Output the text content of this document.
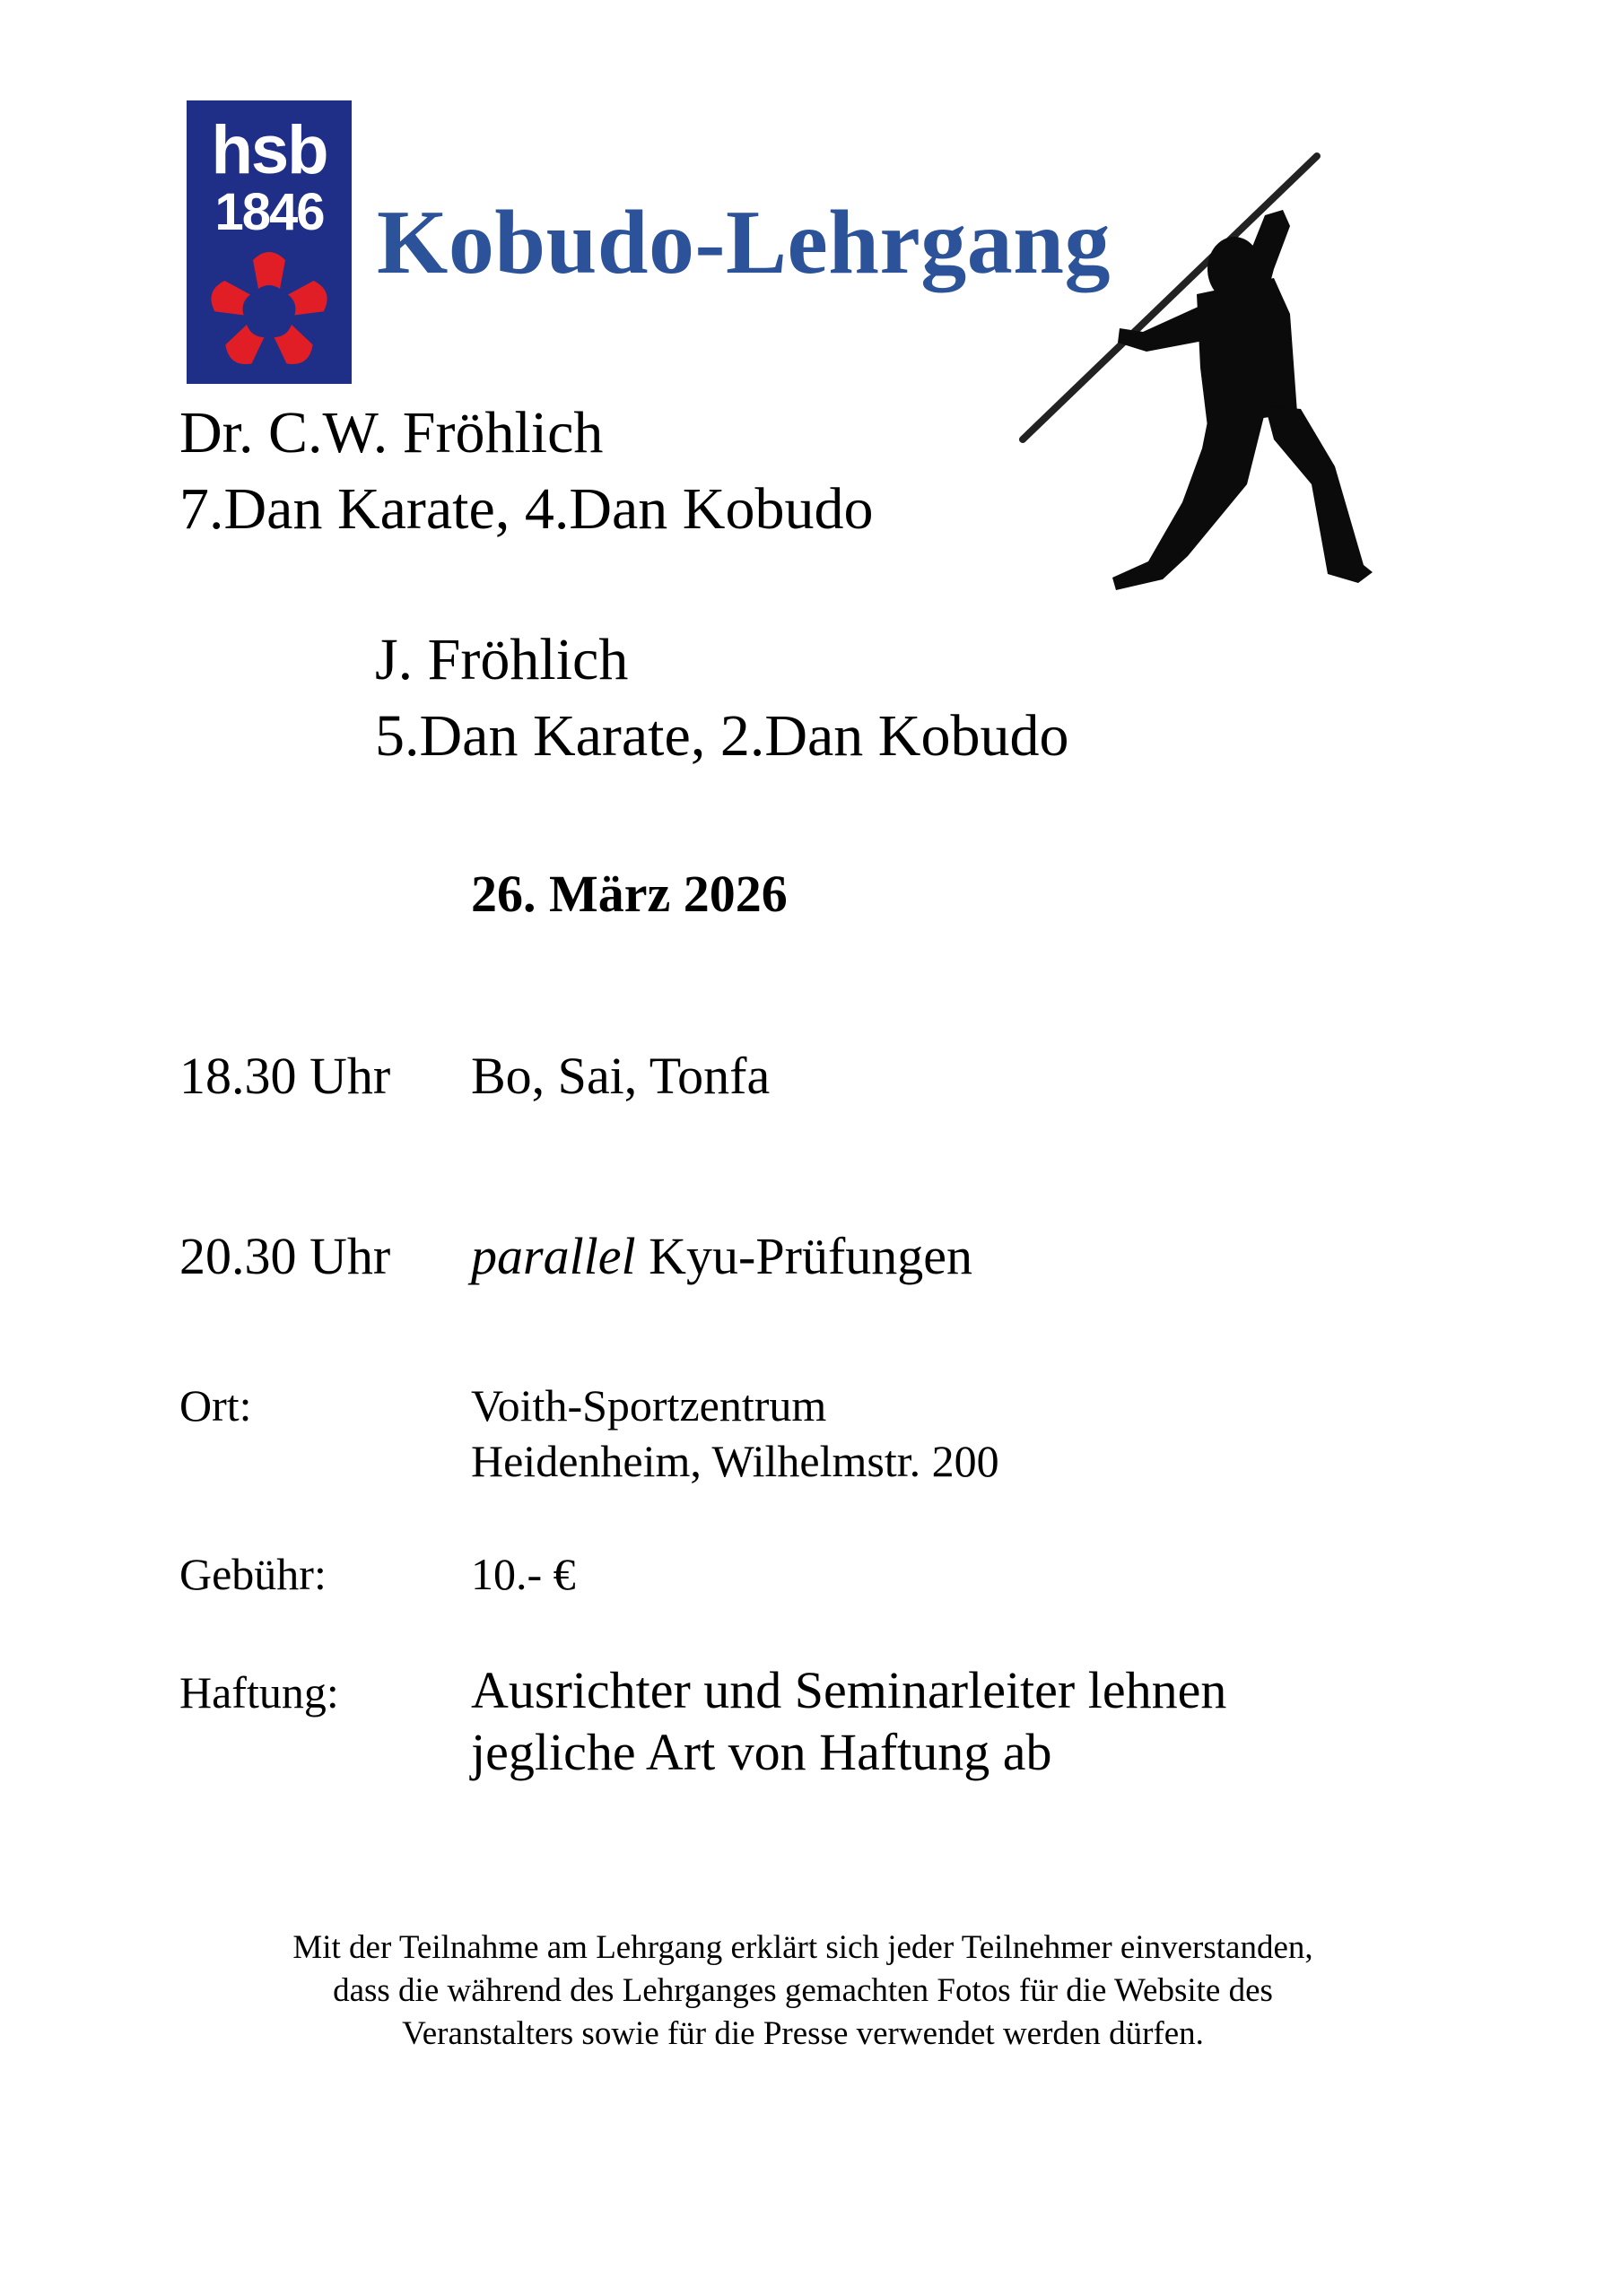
hsb
1846 Kobudo-Lehrgang
Dr. C.W. Fröhlich
7.Dan Karate, 4.Dan Kobudo
J. Fröhlich
5.Dan Karate, 2.Dan Kobudo
26. März 2026
18.30 Uhr Bo, Sai, Tonfa
20.30 Uhr parallel Kyu-Prüfungen
Ort:	Voith-Sportzentrum
Heidenheim, Wilhelmstr. 200
Gebühr:	10.- €
Haftung:	Ausrichter und Seminarleiter lehnen
jegliche Art von Haftung ab
Mit der Teilnahme am Lehrgang erklärt sich jeder Teilnehmer einverstanden,
dass die während des Lehrganges gemachten Fotos für die Website des
Veranstalters sowie für die Presse verwendet werden dürfen.
